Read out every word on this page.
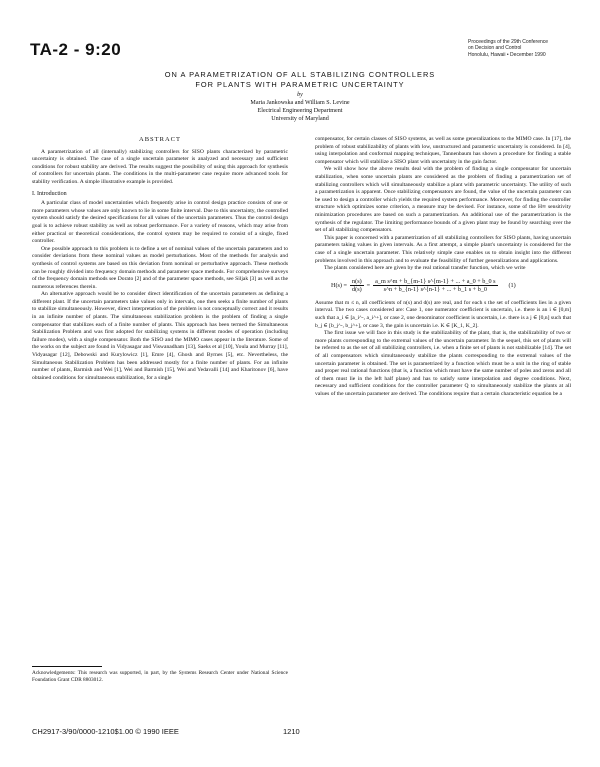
TA-2 - 9:20	Proceedings of the 29th Conference
on Decision and Control
Honolulu, Hawaii • December 1990
ON A PARAMETRIZATION OF ALL STABILIZING CONTROLLERS
FOR PLANTS WITH PARAMETRIC UNCERTAINTY
by
Maria Jankowska and William S. Levine
Electrical Engineering Department
University of Maryland
ABSTRACT

A parametrization of all (internally) stabilizing controllers for SISO plants characterized by parametric uncertainty is obtained. The case of a single uncertain parameter is analyzed and necessary and sufficient conditions for robust stability are derived. The results suggest the possibility of using this approach for synthesis of controllers for uncertain plants. The conditions in the multi-parameter case require more advanced tools for stability verification. A simple illustrative example is provided.

I. Introduction

A particular class of model uncertainties which frequently arise in control design practice consists of one or more parameters whose values are only known to lie in some finite interval. Due to this uncertainty, the controlled system should satisfy the desired specifications for all values of the uncertain parameters. Thus the control design goal is to achieve robust stability as well as robust performance. For a variety of reasons, which may arise from either practical or theoretical considerations, the control system may be required to consist of a single, fixed controller.

One possible approach to this problem is to define a set of nominal values of the uncertain parameters and to consider deviations from these nominal values as model perturbations. Most of the methods for analysis and synthesis of control systems are based on this deviation from nominal or perturbative approach. These methods can be roughly divided into frequency domain methods and parameter space methods. For comprehensive surveys of the frequency domain methods see Dorato [2] and of the parameter space methods, see Siljak [3] as well as the numerous references therein.

An alternative approach would be to consider direct identification of the uncertain parameters as defining a different plant. If the uncertain parameters take values only in intervals, one then seeks a finite number of plants to stabilize simultaneously. However, direct interpretation of the problem is not conceptually correct and it results in an infinite number of plants. The simultaneous stabilization problem is the problem of finding a single compensator that stabilizes each of a finite number of plants. This approach has been termed the Simultaneous Stabilization Problem and was first adopted for stabilizing systems in different modes of operation (including failure modes), with a single compensator. Both the SISO and the MIMO cases appear in the literature. Some of the works on the subject are found in Vidyasagar and Viswanadham [13], Saeks et al [10], Youla and Murray [11], Vidyasagar [12], Debowski and Kurylowicz [1], Emre [4], Ghosh and Byrnes [5], etc. Nevertheless, the Simultaneous Stabilization Problem has been addressed mostly for a finite number of plants. For an infinite number of plants, Barmish and Wei [1], Wei and Barmish [15], Wei and Yedavalli [14] and Kharitonov [6], have obtained conditions for simultaneous stabilization, for a single

compensator, for certain classes of SISO systems, as well as some generalizations to the MIMO case. In [17], the problem of robust stabilizability of plants with low, unstructured and parametric uncertainty is considered. In [4], using interpolation and conformal mapping techniques, Tannenbaum has shown a procedure for finding a stable compensator which will stabilize a SISO plant with uncertainty in the gain factor.

We will show how the above results deal with the problem of finding a single compensator for uncertain stabilization, when some uncertain plants are considered as the problem of finding a parametrization set of stabilizing controllers which will simultaneously stabilize a plant with parametric uncertainty. The utility of such a parametrization is apparent. Once stabilizing compensators are found, the value of the uncertain parameter can be used to design a controller which yields the required system performance. Moreover, for finding the controller structure which optimizes some criterion, a measure may be devised. For instance, some of the H∞ sensitivity minimization procedures are based on such a parametrization. An additional use of the parametrization is the synthesis of the regulator. The limiting performance bounds of a given plant may be found by searching over the set of all stabilizing compensators.

This paper is concerned with a parametrization of all stabilizing controllers for SISO plants, having uncertain parameters taking values in given intervals. As a first attempt, a simple plant's uncertainty is considered for the case of a single uncertain parameter. This relatively simple case enables us to obtain insight into the different problems involved in this approach and to evaluate the feasibility of further generalizations and applications.

The plants considered here are given by the real rational transfer function, which we write

$H(s) = \frac{n(s)}{d(s)} = \frac{\text{a\_m s\textasciicircum{}m + b\_\{m-1\} s\textasciicircum{}\{m-1\} + ... + a\_0 + b\_0 s}}{s\^{}n + b\_\{n-1\} s\^{}\{n-1\} + ... + b\_1 s + b\_0} (1)$

Assume that m ≤ n, all coefficients of n(s) and d(s) are real, and for each s the set of coefficients lies in a given interval. The two cases considered are: Case 1, one numerator coefficient is uncertain, i.e. there is an i ∈ [0,m] such that a_i ∈ [a_i^-, a_i^+], or case 2, one denominator coefficient is uncertain, i.e. there is a j ∈ [0,n] such that b_j ∈ [b_j^-, b_j^+], or case 3, the gain is uncertain i.e. K ∈ [K_1, K_2].

The first issue we will face in this study is the stabilizability of the plant, that is, the stabilizability of two or more plants corresponding to the extremal values of the uncertain parameter. In the sequel, this set of plants will be referred to as the set of all stabilizing controllers, i.e. when a finite set of plants is not stabilizable [14]. The set of all compensators which simultaneously stabilize the plants corresponding to the extremal values of the uncertain parameter is obtained. The set is parametrized by a function which must be a unit in the ring of stable and proper real rational functions (that is, a function which must have the same number of poles and zeros and all of them must lie in the left half plane) and has to satisfy some interpolation and degree conditions. Next, necessary and sufficient conditions for the controller parameter Q to simultaneously stabilize the plants at all values of the uncertain parameter are derived. The conditions require that a certain characteristic equation be a

Acknowledgements: This research was supported, in part, by the Systems Research Center under National Science Foundation Grant CDR 8803012.
CH2917-3/90/0000-1210$1.00 © 1990 IEEE	1210
